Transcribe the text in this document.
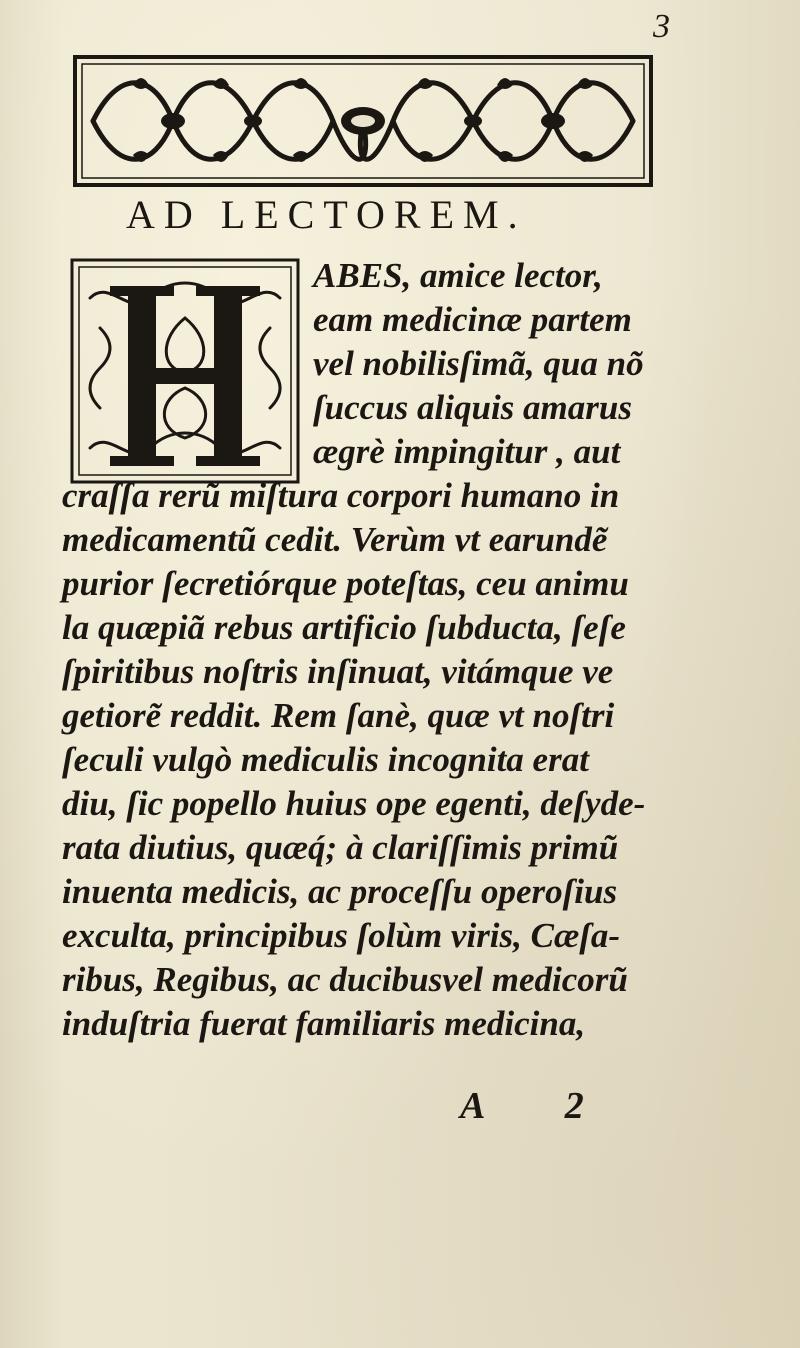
3
AD LECTOREM.
ABES, amice lector,
eam medicinæ partem
vel nobilisſimã, qua nõ
ſuccus aliquis amarus
ægrè impingitur , aut
craſſa rerũ miſtura corpori humano in
medicamentũ cedit. Verùm vt earundẽ
purior ſecretiórque poteſtas, ceu animu
la quæpiã rebus artificio ſubducta, ſeſe
ſpiritibus noſtris inſinuat, vitámque ve
getiorẽ reddit. Rem ſanè, quæ vt noſtri
ſeculi vulgò mediculis incognita erat
diu, ſic popello huius ope egenti, deſyde-
rata diutius, quæq́; à clariſſimis primũ
inuenta medicis, ac proceſſu operoſius
exculta, principibus ſolùm viris, Cæſa-
ribus, Regibus, ac ducibusvel medicorũ
induſtria fuerat familiaris medicina,
A 2
